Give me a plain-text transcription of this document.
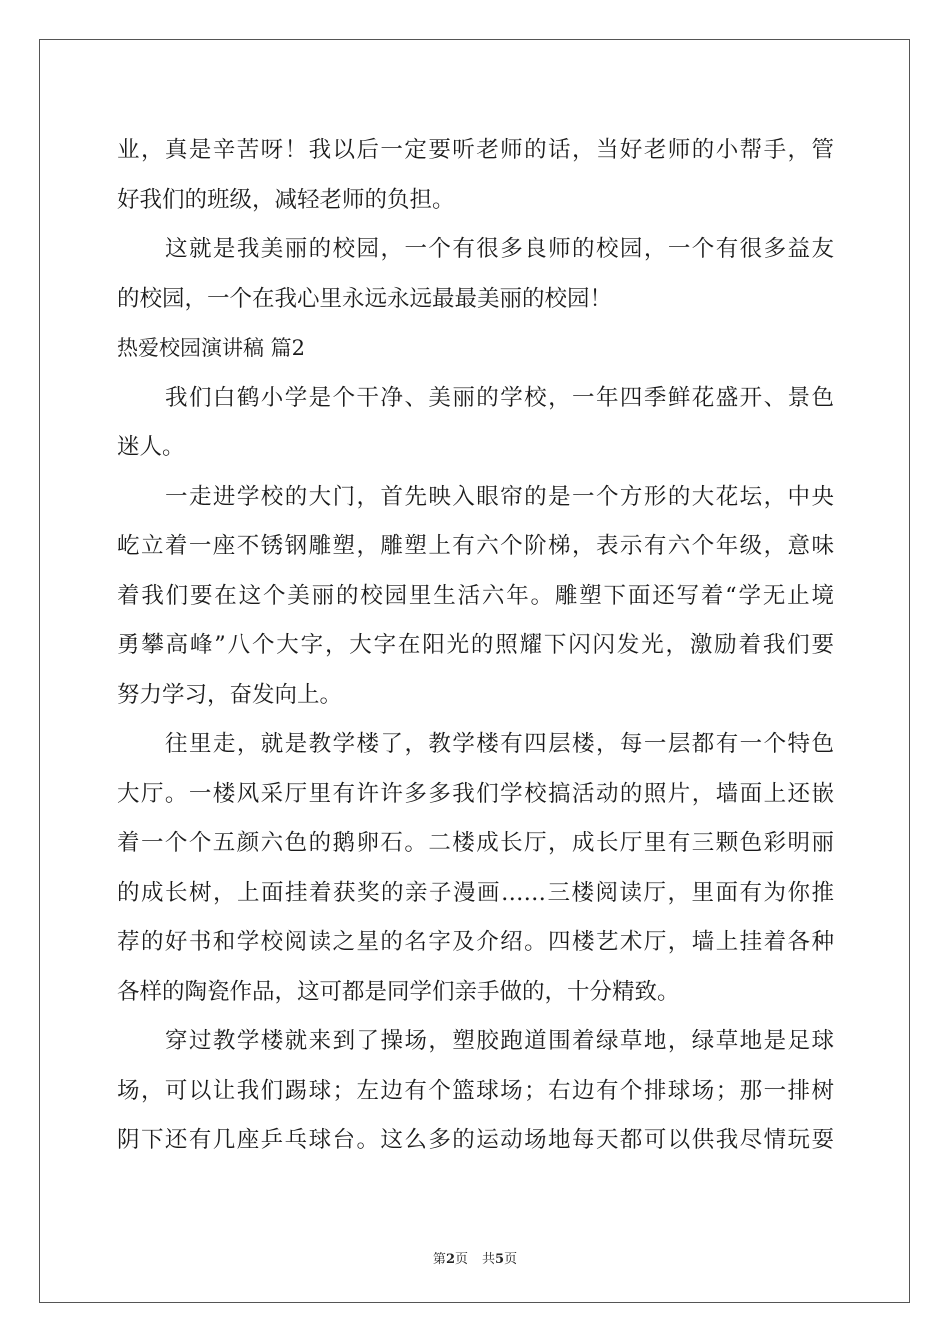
业，真是辛苦呀！我以后一定要听老师的话，当好老师的小帮手，管
好我们的班级，减轻老师的负担。
这就是我美丽的校园，一个有很多良师的校园，一个有很多益友
的校园，一个在我心里永远永远最最美丽的校园！
热爱校园演讲稿 篇2
我们白鹤小学是个干净、美丽的学校，一年四季鲜花盛开、景色
迷人。
一走进学校的大门，首先映入眼帘的是一个方形的大花坛，中央
屹立着一座不锈钢雕塑，雕塑上有六个阶梯，表示有六个年级，意味
着我们要在这个美丽的校园里生活六年。雕塑下面还写着“学无止境
勇攀高峰”八个大字，大字在阳光的照耀下闪闪发光，激励着我们要
努力学习，奋发向上。
往里走，就是教学楼了，教学楼有四层楼，每一层都有一个特色
大厅。一楼风采厅里有许许多多我们学校搞活动的照片，墙面上还嵌
着一个个五颜六色的鹅卵石。二楼成长厅，成长厅里有三颗色彩明丽
的成长树，上面挂着获奖的亲子漫画……三楼阅读厅，里面有为你推
荐的好书和学校阅读之星的名字及介绍。四楼艺术厅，墙上挂着各种
各样的陶瓷作品，这可都是同学们亲手做的，十分精致。
穿过教学楼就来到了操场，塑胶跑道围着绿草地，绿草地是足球
场，可以让我们踢球；左边有个篮球场；右边有个排球场；那一排树
阴下还有几座乒乓球台。这么多的运动场地每天都可以供我尽情玩耍
第2页 共5页
